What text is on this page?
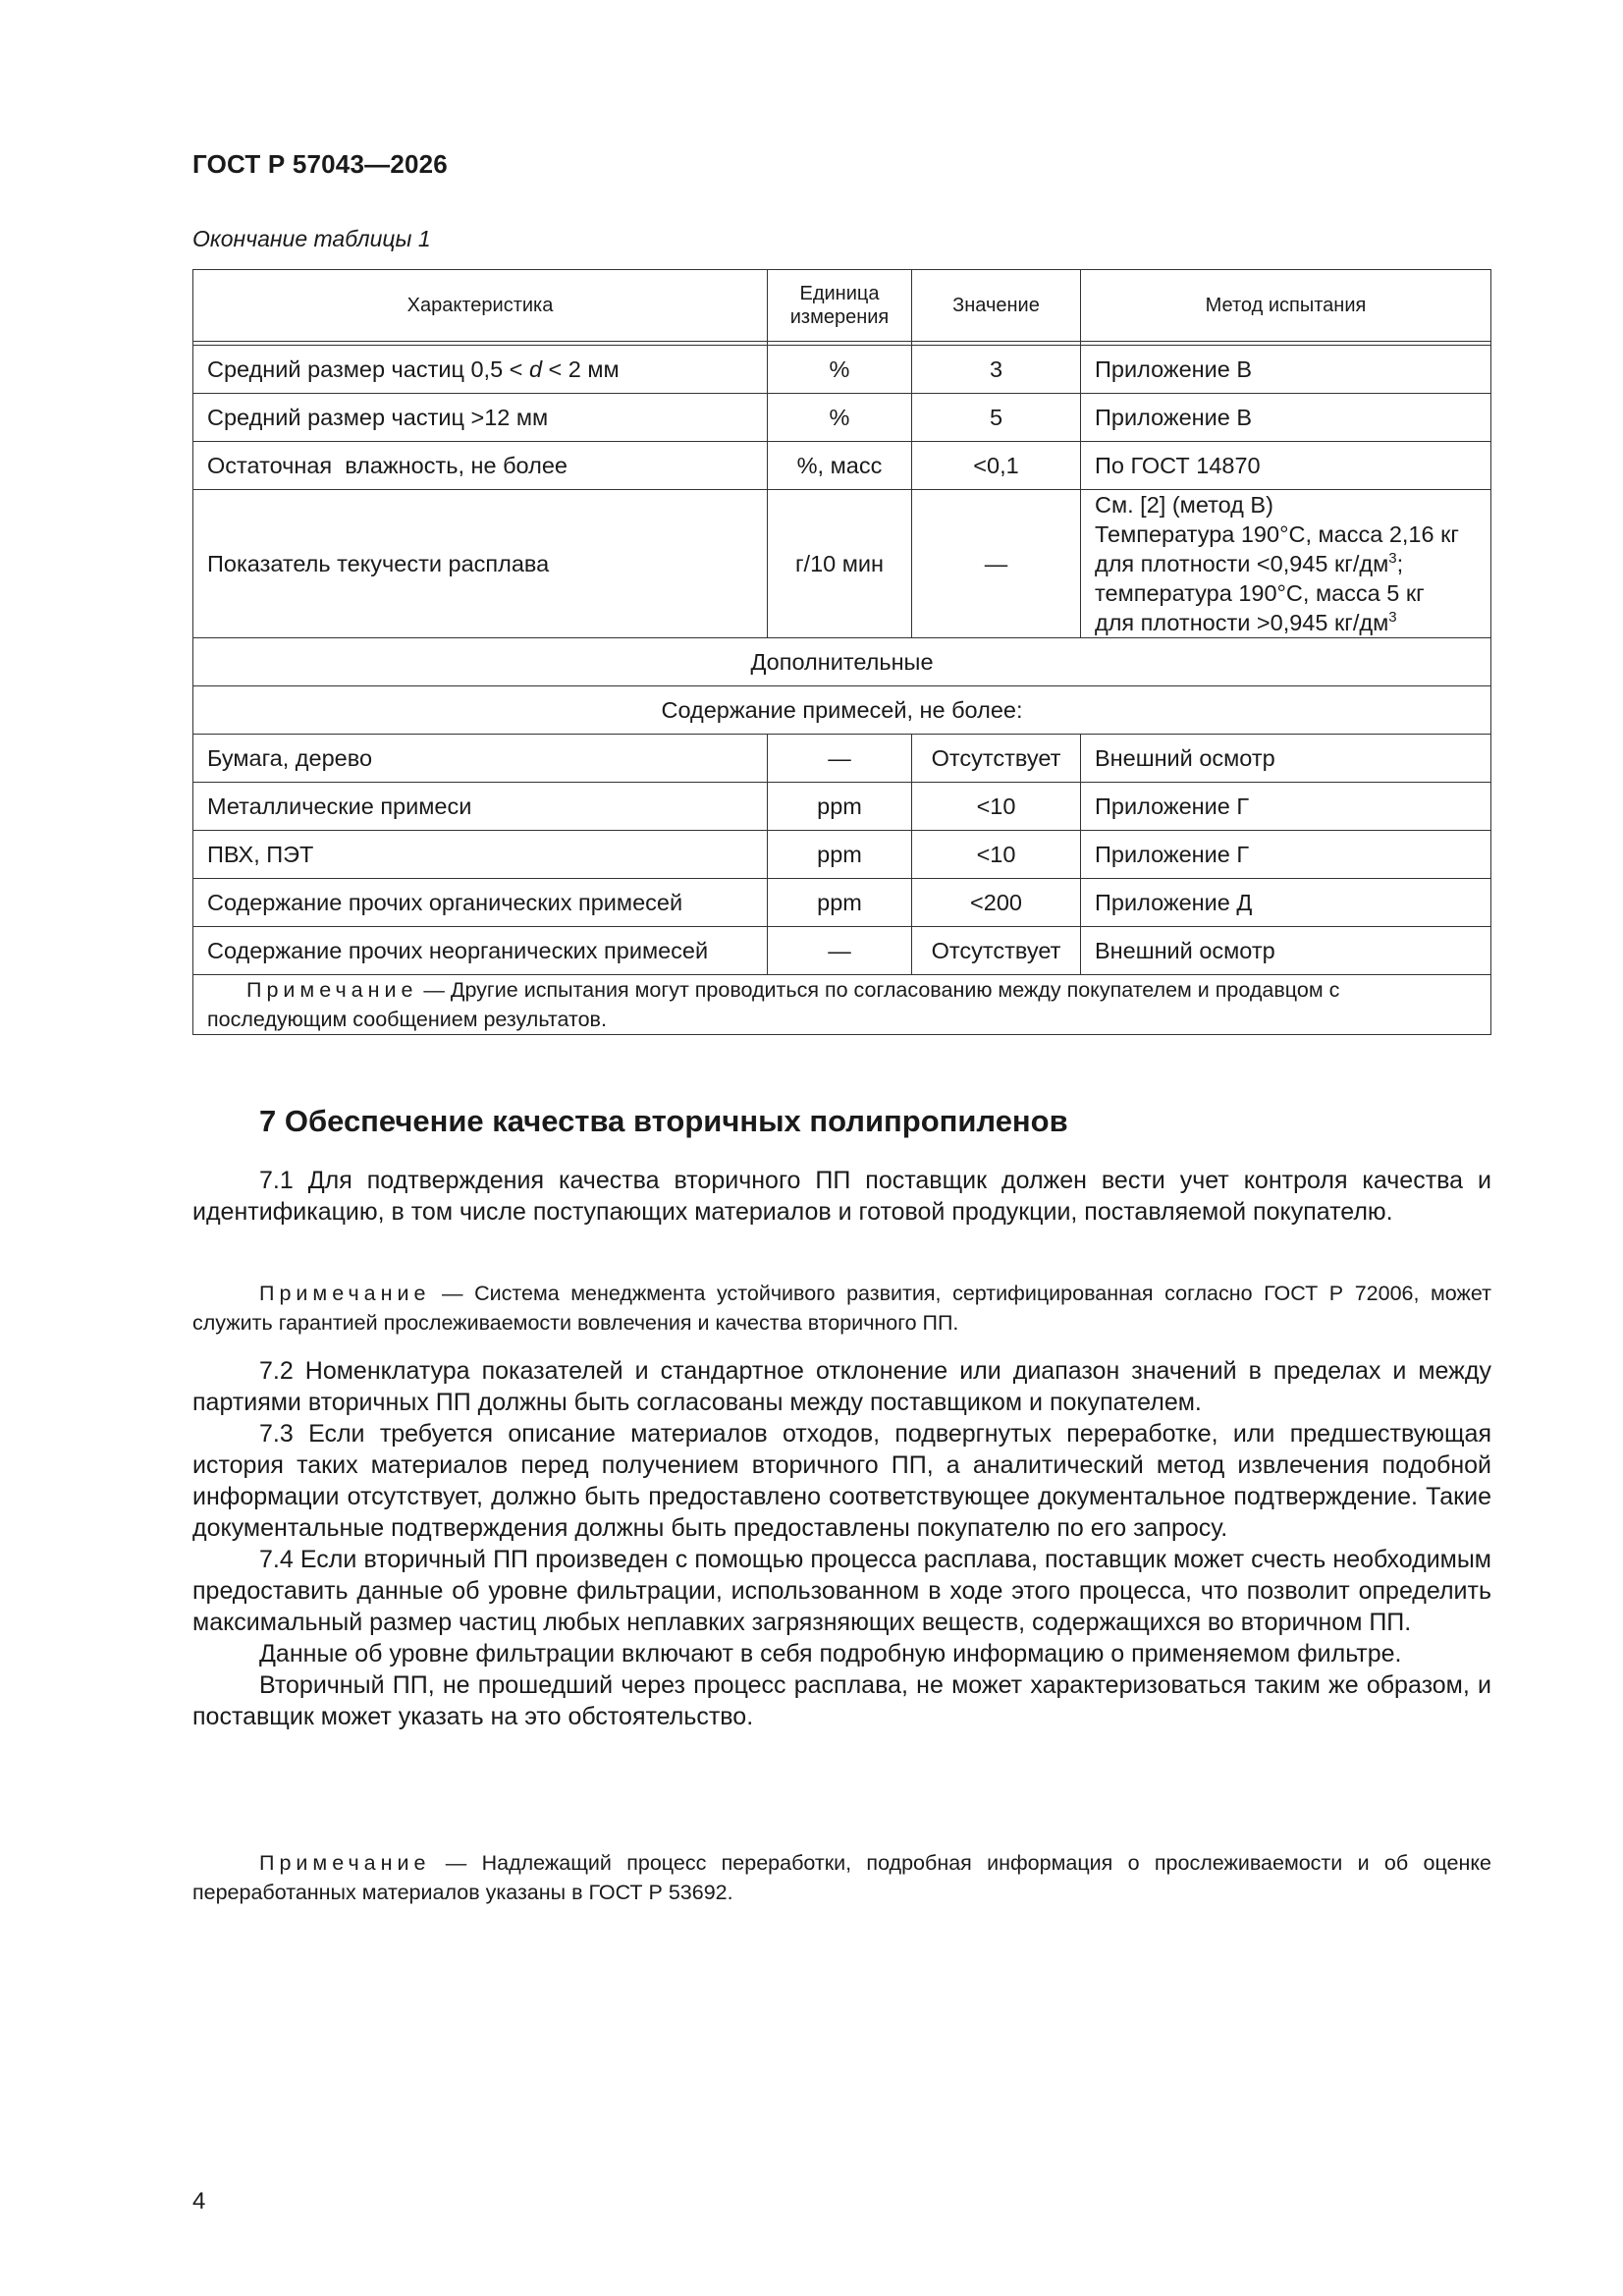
ГОСТ Р 57043—2026
Окончание таблицы 1
Характеристика	Единица измерения	Значение	Метод испытания

Средний размер частиц 0,5 < d < 2 мм	%	3	Приложение В
Средний размер частиц >12 мм	%	5	Приложение В
Остаточная  влажность, не более	%, масс	<0,1	По ГОСТ 14870
Показатель текучести расплава	г/10 мин	—	См. [2] (метод B)
Температура 190°С, масса 2,16 кг
для плотности <0,945 $кг/дм^3$;
температура 190°С, масса 5 кг
для плотности >0,945 $кг/дм^3$

Дополнительные			
Содержание примесей, не более:			
Бумага, дерево	—	Отсутствует	Внешний осмотр
Металлические примеси	ppm	<10	Приложение Г
ПВХ, ПЭТ	ppm	<10	Приложение Г
Содержание прочих органических примесей	ppm	<200	Приложение Д
Содержание прочих неорганических примесей	—	Отсутствует	Внешний осмотр
Примечание — Другие испытания могут проводиться по согласованию между покупателем и продавцом с последующим сообщением результатов.			
7 Обеспечение качества вторичных полипропиленов

7.1 Для подтверждения качества вторичного ПП поставщик должен вести учет контроля качества и идентификацию, в том числе поступающих материалов и готовой продукции, поставляемой покупателю.

Примечание — Система менеджмента устойчивого развития, сертифицированная согласно ГОСТ Р 72006, может служить гарантией прослеживаемости вовлечения и качества вторичного ПП.

7.2 Номенклатура показателей и стандартное отклонение или диапазон значений в пределах и между партиями вторичных ПП должны быть согласованы между поставщиком и покупателем.

7.3 Если требуется описание материалов отходов, подвергнутых переработке, или предшествующая история таких материалов перед получением вторичного ПП, а аналитический метод извлечения подобной информации отсутствует, должно быть предоставлено соответствующее документальное подтверждение. Такие документальные подтверждения должны быть предоставлены покупателю по его запросу.

7.4 Если вторичный ПП произведен с помощью процесса расплава, поставщик может счесть необходимым предоставить данные об уровне фильтрации, использованном в ходе этого процесса, что позволит определить максимальный размер частиц любых неплавких загрязняющих веществ, содержащихся во вторичном ПП.

Данные об уровне фильтрации включают в себя подробную информацию о применяемом фильтре.

Вторичный ПП, не прошедший через процесс расплава, не может характеризоваться таким же образом, и поставщик может указать на это обстоятельство.

Примечание — Надлежащий процесс переработки, подробная информация о прослеживаемости и об оценке переработанных материалов указаны в ГОСТ Р 53692.

4
